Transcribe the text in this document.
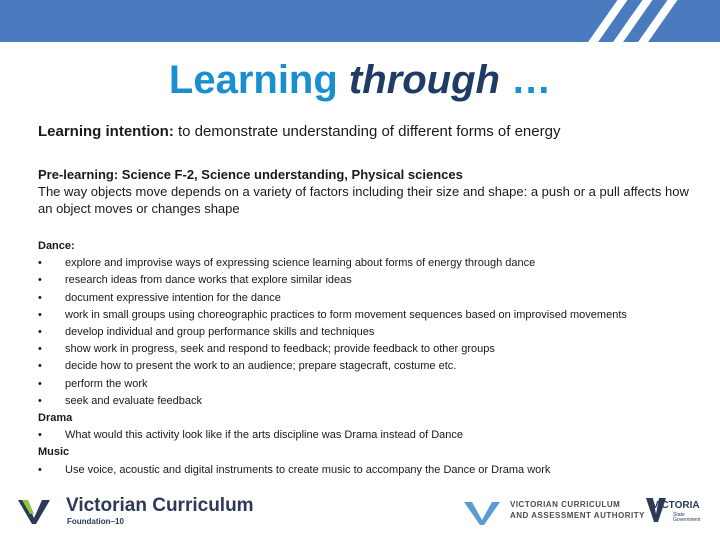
Learning through …
Learning intention: to demonstrate understanding of different forms of energy
Pre-learning: Science F-2, Science understanding, Physical sciences
The way objects move depends on a variety of factors including their size and shape: a push or a pull affects how an object moves or changes shape
Dance:
• explore and improvise ways of expressing science learning about forms of energy through dance
• research ideas from dance works that explore similar ideas
• document expressive intention for the dance
• work in small groups using choreographic practices to form movement sequences based on improvised movements
• develop individual and group performance skills and techniques
• show work in progress, seek and respond to feedback; provide feedback to other groups
• decide how to present the work to an audience; prepare stagecraft, costume etc.
• perform the work
• seek and evaluate feedback
Drama
• What would this activity look like if the arts discipline was Drama instead of Dance
Music
• Use voice, acoustic and digital instruments to create music to accompany the Dance or Drama work
Victorian Curriculum
Foundation–10
VICTORIAN CURRICULUM
AND ASSESSMENT AUTHORITY
VICTORIA
State Government
